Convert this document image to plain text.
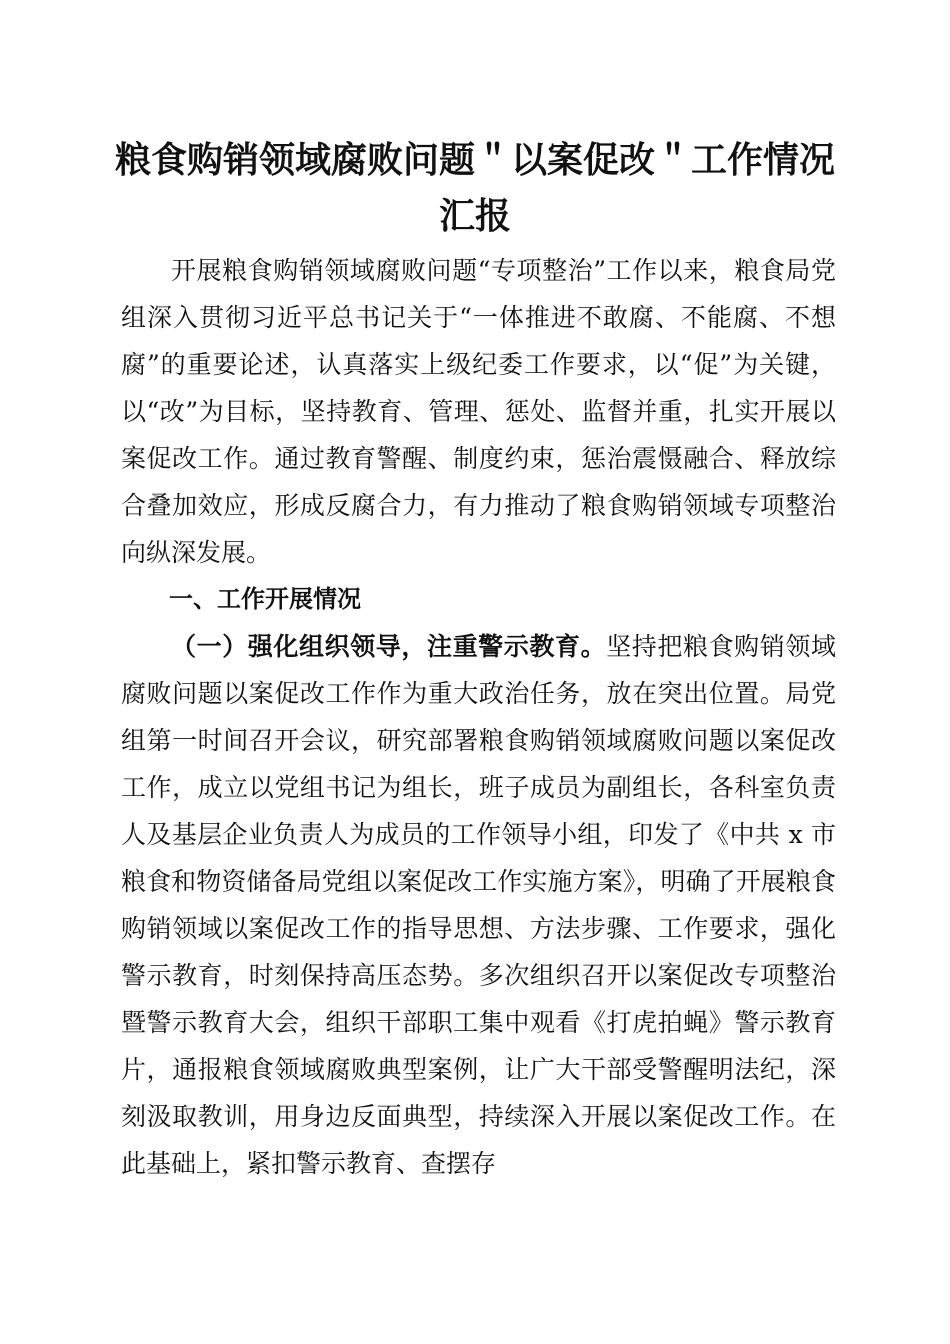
粮食购销领域腐败问题＂以案促改＂工作情况汇报

开展粮食购销领域腐败问题“专项整治”工作以来，粮食局党组深入贯彻习近平总书记关于“一体推进不敢腐、不能腐、不想腐”的重要论述，认真落实上级纪委工作要求，以“促”为关键，以“改”为目标，坚持教育、管理、惩处、监督并重，扎实开展以案促改工作。通过教育警醒、制度约束，惩治震慑融合、释放综合叠加效应，形成反腐合力，有力推动了粮食购销领域专项整治向纵深发展。

一、工作开展情况

（一）强化组织领导，注重警示教育。坚持把粮食购销领域腐败问题以案促改工作作为重大政治任务，放在突出位置。局党组第一时间召开会议，研究部署粮食购销领域腐败问题以案促改工作，成立以党组书记为组长，班子成员为副组长，各科室负责人及基层企业负责人为成员的工作领导小组，印发了《中共 x 市粮食和物资储备局党组以案促改工作实施方案》，明确了开展粮食购销领域以案促改工作的指导思想、方法步骤、工作要求，强化警示教育，时刻保持高压态势。多次组织召开以案促改专项整治暨警示教育大会，组织干部职工集中观看《打虎拍蝇》警示教育片，通报粮食领域腐败典型案例，让广大干部受警醒明法纪，深刻汲取教训，用身边反面典型，持续深入开展以案促改工作。在此基础上，紧扣警示教育、查摆存
